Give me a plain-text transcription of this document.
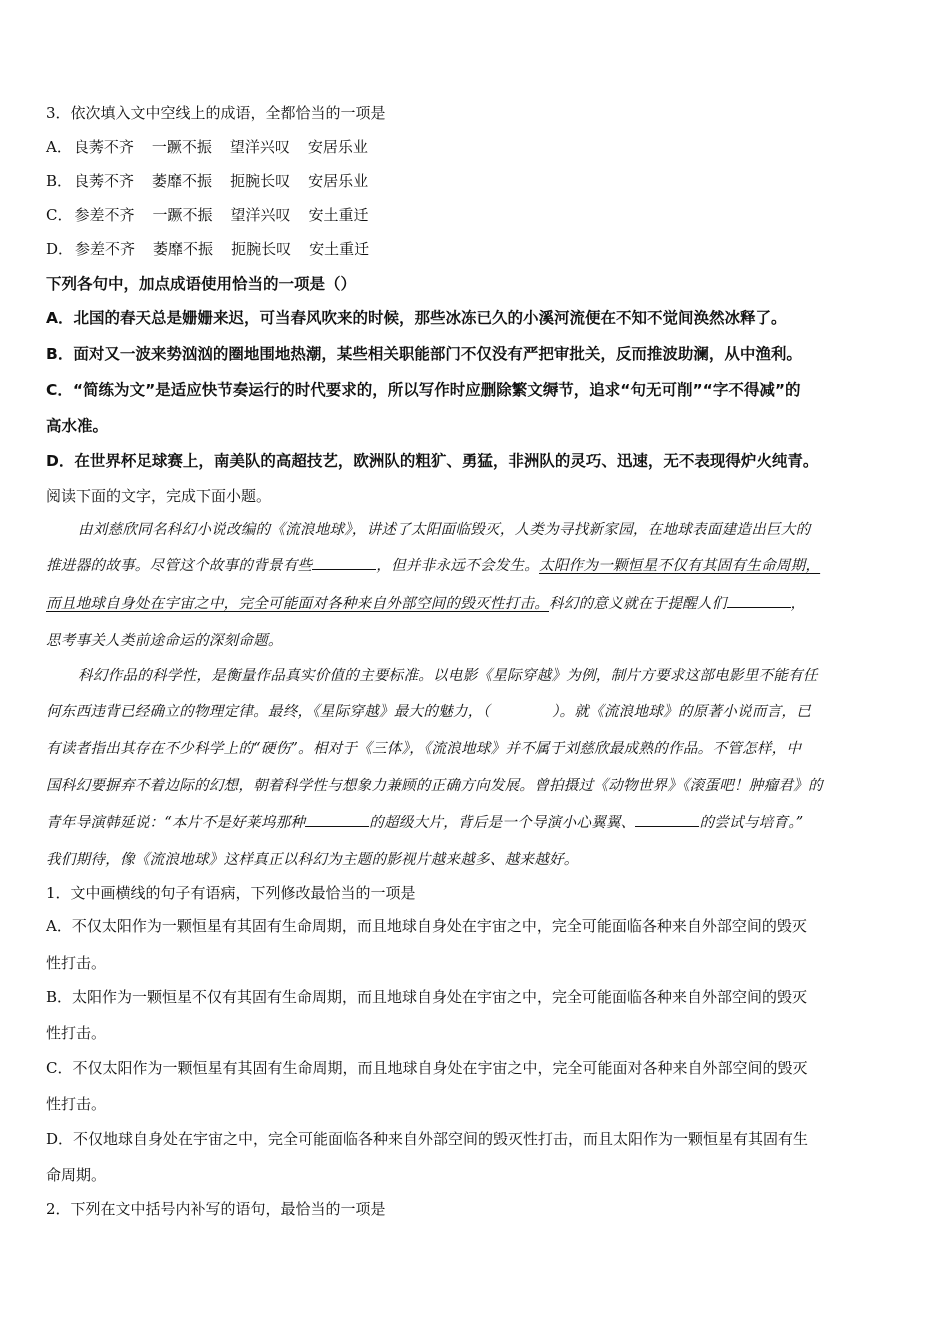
3．依次填入文中空线上的成语，全都恰当的一项是
A． 良莠不齐 一蹶不振 望洋兴叹 安居乐业
B． 良莠不齐 萎靡不振 扼腕长叹 安居乐业
C． 参差不齐 一蹶不振 望洋兴叹 安土重迁
D． 参差不齐 萎靡不振 扼腕长叹 安土重迁
下列各句中，加点成语使用恰当的一项是（）
A．北国的春天总是姗姗来迟，可当春风吹来的时候，那些冰冻已久的小溪河流便在不知不觉间涣然冰释了。
B．面对又一波来势汹汹的圈地围地热潮，某些相关职能部门不仅没有严把审批关，反而推波助澜，从中渔利。
C．“简练为文”是适应快节奏运行的时代要求的，所以写作时应删除繁文缛节，追求“句无可削”“字不得减”的
高水准。
D．在世界杯足球赛上，南美队的高超技艺，欧洲队的粗犷、勇猛，非洲队的灵巧、迅速，无不表现得炉火纯青。
阅读下面的文字，完成下面小题。
由刘慈欣同名科幻小说改编的《流浪地球》，讲述了太阳面临毁灭，人类为寻找新家园，在地球表面建造出巨大的
推进器的故事。尽管这个故事的背景有些	，但并非永远不会发生。太阳作为一颗恒星不仅有其固有生命周期，
而且地球自身处在宇宙之中，完全可能面对各种来自外部空间的毁灭性打击。科幻的意义就在于提醒人们	，
思考事关人类前途命运的深刻命题。
科幻作品的科学性，是衡量作品真实价值的主要标准。以电影《星际穿越》为例，制片方要求这部电影里不能有任
何东西违背已经确立的物理定律。最终，《星际穿越》最大的魅力，（	）。就《流浪地球》的原著小说而言，已
有读者指出其存在不少科学上的“硬伤”。相对于《三体》，《流浪地球》并不属于刘慈欣最成熟的作品。不管怎样，中
国科幻要摒弃不着边际的幻想，朝着科学性与想象力兼顾的正确方向发展。曾拍摄过《动物世界》《滚蛋吧！肿瘤君》的
青年导演韩延说：“本片不是好莱坞那种	的超级大片，背后是一个导演小心翼翼、	的尝试与培育。”
我们期待，像《流浪地球》这样真正以科幻为主题的影视片越来越多、越来越好。
1．文中画横线的句子有语病，下列修改最恰当的一项是
A．不仅太阳作为一颗恒星有其固有生命周期，而且地球自身处在宇宙之中，完全可能面临各种来自外部空间的毁灭
性打击。
B．太阳作为一颗恒星不仅有其固有生命周期，而且地球自身处在宇宙之中，完全可能面临各种来自外部空间的毁灭
性打击。
C．不仅太阳作为一颗恒星有其固有生命周期，而且地球自身处在宇宙之中，完全可能面对各种来自外部空间的毁灭
性打击。
D．不仅地球自身处在宇宙之中，完全可能面临各种来自外部空间的毁灭性打击，而且太阳作为一颗恒星有其固有生
命周期。
2．下列在文中括号内补写的语句，最恰当的一项是
